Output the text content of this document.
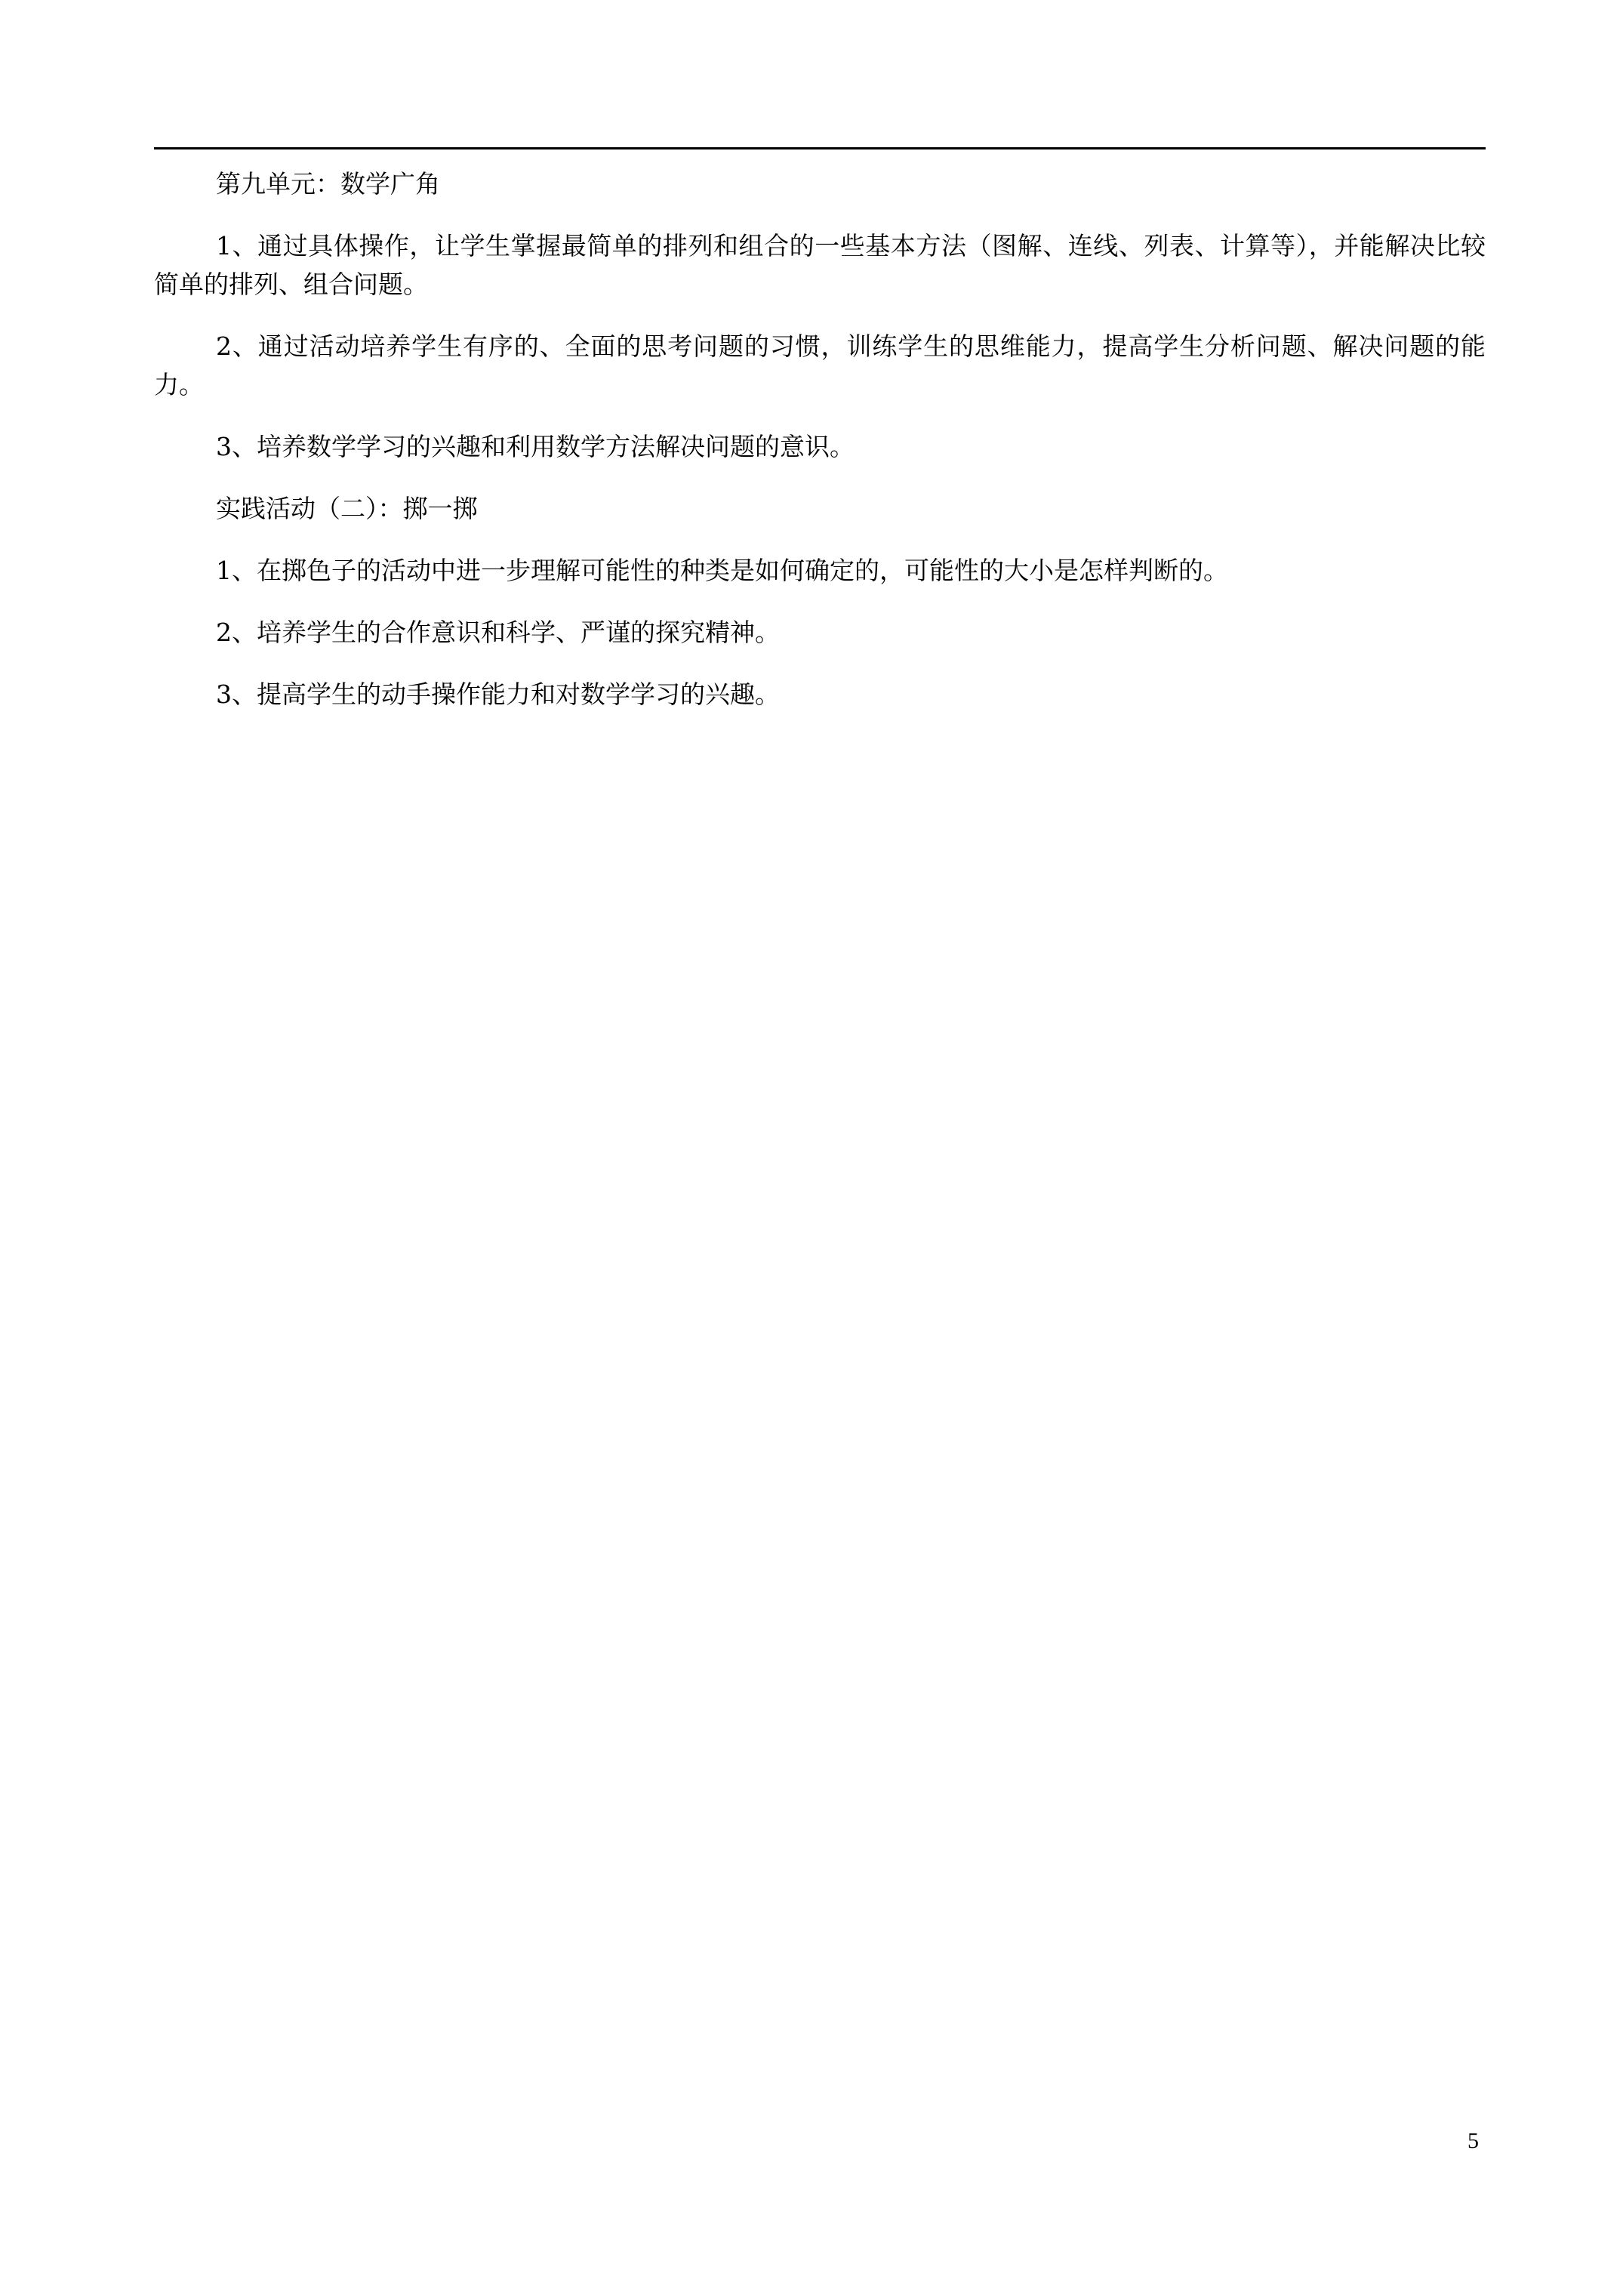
第九单元：数学广角

1、通过具体操作，让学生掌握最简单的排列和组合的一些基本方法（图解、连线、列表、计算等），并能解决比较简单的排列、组合问题。

2、通过活动培养学生有序的、全面的思考问题的习惯，训练学生的思维能力，提高学生分析问题、解决问题的能力。

3、培养数学学习的兴趣和利用数学方法解决问题的意识。

实践活动（二）：掷一掷

1、在掷色子的活动中进一步理解可能性的种类是如何确定的，可能性的大小是怎样判断的。

2、培养学生的合作意识和科学、严谨的探究精神。

3、提高学生的动手操作能力和对数学学习的兴趣。

5
